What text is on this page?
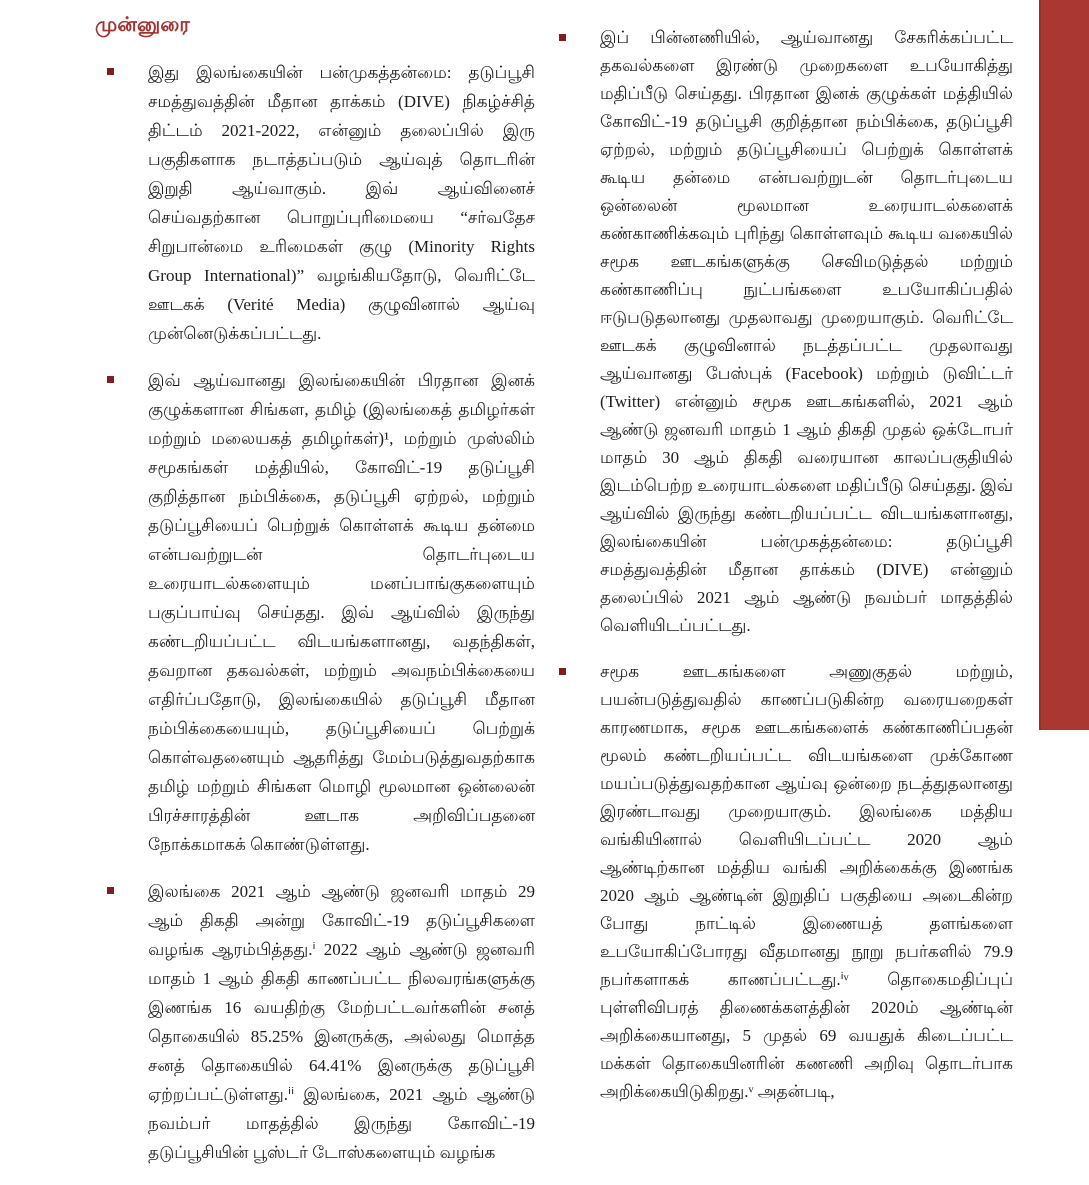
முன்னுரை

இது இலங்கையின் பன்முகத்தன்மை: தடுப்பூசி சமத்துவத்தின் மீதான தாக்கம் (DIVE) நிகழ்ச்சித் திட்டம் 2021-2022, என்னும் தலைப்பில் இரு பகுதிகளாக நடாத்தப்படும் ஆய்வுத் தொடரின் இறுதி ஆய்வாகும். இவ் ஆய்வினைச் செய்வதற்கான பொறுப்புரிமையை “சர்வதேச சிறுபான்மை உரிமைகள் குழு (Minority Rights Group International)” வழங்கியதோடு, வெரிட்டே ஊடகக் (Verité Media) குழுவினால் ஆய்வு முன்னெடுக்கப்பட்டது.

இவ் ஆய்வானது இலங்கையின் பிரதான இனக் குழுக்களான சிங்கள, தமிழ் (இலங்கைத் தமிழர்கள் மற்றும் மலையகத் தமிழர்கள்)¹, மற்றும் முஸ்லிம் சமூகங்கள் மத்தியில், கோவிட்-19 தடுப்பூசி குறித்தான நம்பிக்கை, தடுப்பூசி ஏற்றல், மற்றும் தடுப்பூசியைப் பெற்றுக் கொள்ளக் கூடிய தன்மை என்பவற்றுடன் தொடர்புடைய உரையாடல்களையும் மனப்பாங்குகளையும் பகுப்பாய்வு செய்தது. இவ் ஆய்வில் இருந்து கண்டறியப்பட்ட விடயங்களானது, வதந்திகள், தவறான தகவல்கள், மற்றும் அவநம்பிக்கையை எதிர்ப்பதோடு, இலங்கையில் தடுப்பூசி மீதான நம்பிக்கையையும், தடுப்பூசியைப் பெற்றுக் கொள்வதனையும் ஆதரித்து மேம்படுத்துவதற்காக தமிழ் மற்றும் சிங்கள மொழி மூலமான ஒன்லைன் பிரச்சாரத்தின் ஊடாக அறிவிப்பதனை நோக்கமாகக் கொண்டுள்ளது.

இலங்கை 2021 ஆம் ஆண்டு ஜனவரி மாதம் 29 ஆம் திகதி அன்று கோவிட்-19 தடுப்பூசிகளை வழங்க ஆரம்பித்தது.ⁱ 2022 ஆம் ஆண்டு ஜனவரி மாதம் 1 ஆம் திகதி காணப்பட்ட நிலவரங்களுக்கு இணங்க 16 வயதிற்கு மேற்பட்டவர்களின் சனத் தொகையில் 85.25% இனருக்கு, அல்லது மொத்த சனத் தொகையில் 64.41% இனருக்கு தடுப்பூசி ஏற்றப்பட்டுள்ளது.ⁱⁱ இலங்கை, 2021 ஆம் ஆண்டு நவம்பர் மாதத்தில் இருந்து கோவிட்-19 தடுப்பூசியின் பூஸ்டர் டோஸ்களையும் வழங்க

இப் பின்னணியில், ஆய்வானது சேகரிக்கப்பட்ட தகவல்களை இரண்டு முறைகளை உபயோகித்து மதிப்பீடு செய்தது. பிரதான இனக் குழுக்கள் மத்தியில் கோவிட்-19 தடுப்பூசி குறித்தான நம்பிக்கை, தடுப்பூசி ஏற்றல், மற்றும் தடுப்பூசியைப் பெற்றுக் கொள்ளக் கூடிய தன்மை என்பவற்றுடன் தொடர்புடைய ஒன்லைன் மூலமான உரையாடல்களைக் கண்காணிக்கவும் புரிந்து கொள்ளவும் கூடிய வகையில் சமூக ஊடகங்களுக்கு செவிமடுத்தல் மற்றும் கண்காணிப்பு நுட்பங்களை உபயோகிப்பதில் ஈடுபடுதலானது முதலாவது முறையாகும். வெரிட்டே ஊடகக் குழுவினால் நடத்தப்பட்ட முதலாவது ஆய்வானது பேஸ்புக் (Facebook) மற்றும் டுவிட்டர் (Twitter) என்னும் சமூக ஊடகங்களில், 2021 ஆம் ஆண்டு ஜனவரி மாதம் 1 ஆம் திகதி முதல் ஒக்டோபர் மாதம் 30 ஆம் திகதி வரையான காலப்பகுதியில் இடம்பெற்ற உரையாடல்களை மதிப்பீடு செய்தது. இவ் ஆய்வில் இருந்து கண்டறியப்பட்ட விடயங்களானது, இலங்கையின் பன்முகத்தன்மை: தடுப்பூசி சமத்துவத்தின் மீதான தாக்கம் (DIVE) என்னும் தலைப்பில் 2021 ஆம் ஆண்டு நவம்பர் மாதத்தில் வெளியிடப்பட்டது.

சமூக ஊடகங்களை அணுகுதல் மற்றும், பயன்படுத்துவதில் காணப்படுகின்ற வரையறைகள் காரணமாக, சமூக ஊடகங்களைக் கண்காணிப்பதன் மூலம் கண்டறியப்பட்ட விடயங்களை முக்கோண மயப்படுத்துவதற்கான ஆய்வு ஒன்றை நடத்துதலானது இரண்டாவது முறையாகும். இலங்கை மத்திய வங்கியினால் வெளியிடப்பட்ட 2020 ஆம் ஆண்டிற்கான மத்திய வங்கி அறிக்கைக்கு இணங்க 2020 ஆம் ஆண்டின் இறுதிப் பகுதியை அடைகின்ற போது நாட்டில் இணையத் தளங்களை உபயோகிப்போரது வீதமானது நூறு நபர்களில் 79.9 நபர்களாகக் காணப்பட்டது.ⁱᵛ தொகைமதிப்புப் புள்ளிவிபரத் திணைக்களத்தின் 2020ம் ஆண்டின் அறிக்கையானது, 5 முதல் 69 வயதுக் கிடைப்பட்ட மக்கள் தொகையினரின் கணணி அறிவு தொடர்பாக அறிக்கையிடுகிறது.ᵛ அதன்படி,
